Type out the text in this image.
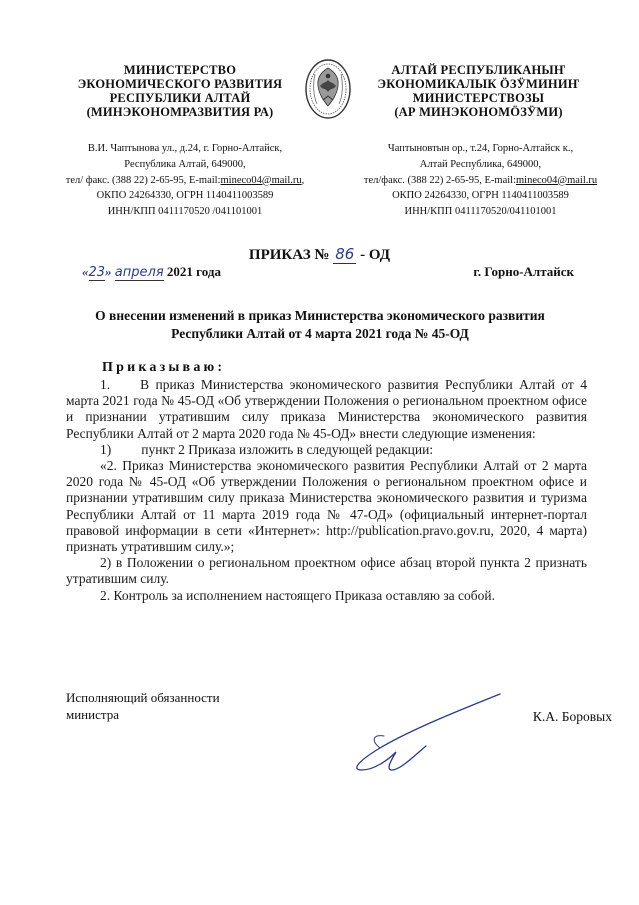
МИНИСТЕРСТВО
ЭКОНОМИЧЕСКОГО РАЗВИТИЯ
РЕСПУБЛИКИ АЛТАЙ
(МИНЭКОНОМРАЗВИТИЯ РА)
АЛТАЙ РЕСПУБЛИКАНЫҤ
ЭКОНОМИКАЛЫК ӦЗӰМИНИҤ
МИНИСТЕРСТВОЗЫ
(АР МИНЭКОНОМӦЗӰМИ)
В.И. Чаптынова ул., д.24, г. Горно-Алтайск,
Республика Алтай, 649000,
тел/ факс. (388 22) 2-65-95, E-mail:mineco04@mail.ru,
ОКПО 24264330, ОГРН 1140411003589
ИНН/КПП 0411170520 /041101001
Чаптыновтын ор., т.24, Горно-Алтайск к.,
Алтай Республика, 649000,
тел/факс. (388 22) 2-65-95, E-mail:mineco04@mail.ru
ОКПО 24264330, ОГРН 1140411003589
ИНН/КПП 0411170520/041101001
ПРИКАЗ № 86 - ОД
«23» апреля 2021 года	г. Горно-Алтайск
О внесении изменений в приказ Министерства экономического развития
Республики Алтай от 4 марта 2021 года № 45-ОД
Приказываю:

1. В приказ Министерства экономического развития Республики Алтай от 4 марта 2021 года № 45-ОД «Об утверждении Положения о региональном проектном офисе и признании утратившим силу приказа Министерства экономического развития Республики Алтай от 2 марта 2020 года № 45-ОД» внести следующие изменения:

1) пункт 2 Приказа изложить в следующей редакции:

«2. Приказ Министерства экономического развития Республики Алтай от 2 марта 2020 года № 45-ОД «Об утверждении Положения о региональном проектном офисе и признании утратившим силу приказа Министерства экономического развития и туризма Республики Алтай от 11 марта 2019 года № 47-ОД» (официальный интернет-портал правовой информации в сети «Интернет»: http://publication.pravo.gov.ru, 2020, 4 марта) признать утратившим силу.»;

2) в Положении о региональном проектном офисе абзац второй пункта 2 признать утратившим силу.

2. Контроль за исполнением настоящего Приказа оставляю за собой.

Исполняющий обязанности
министра	К.А. Боровых
